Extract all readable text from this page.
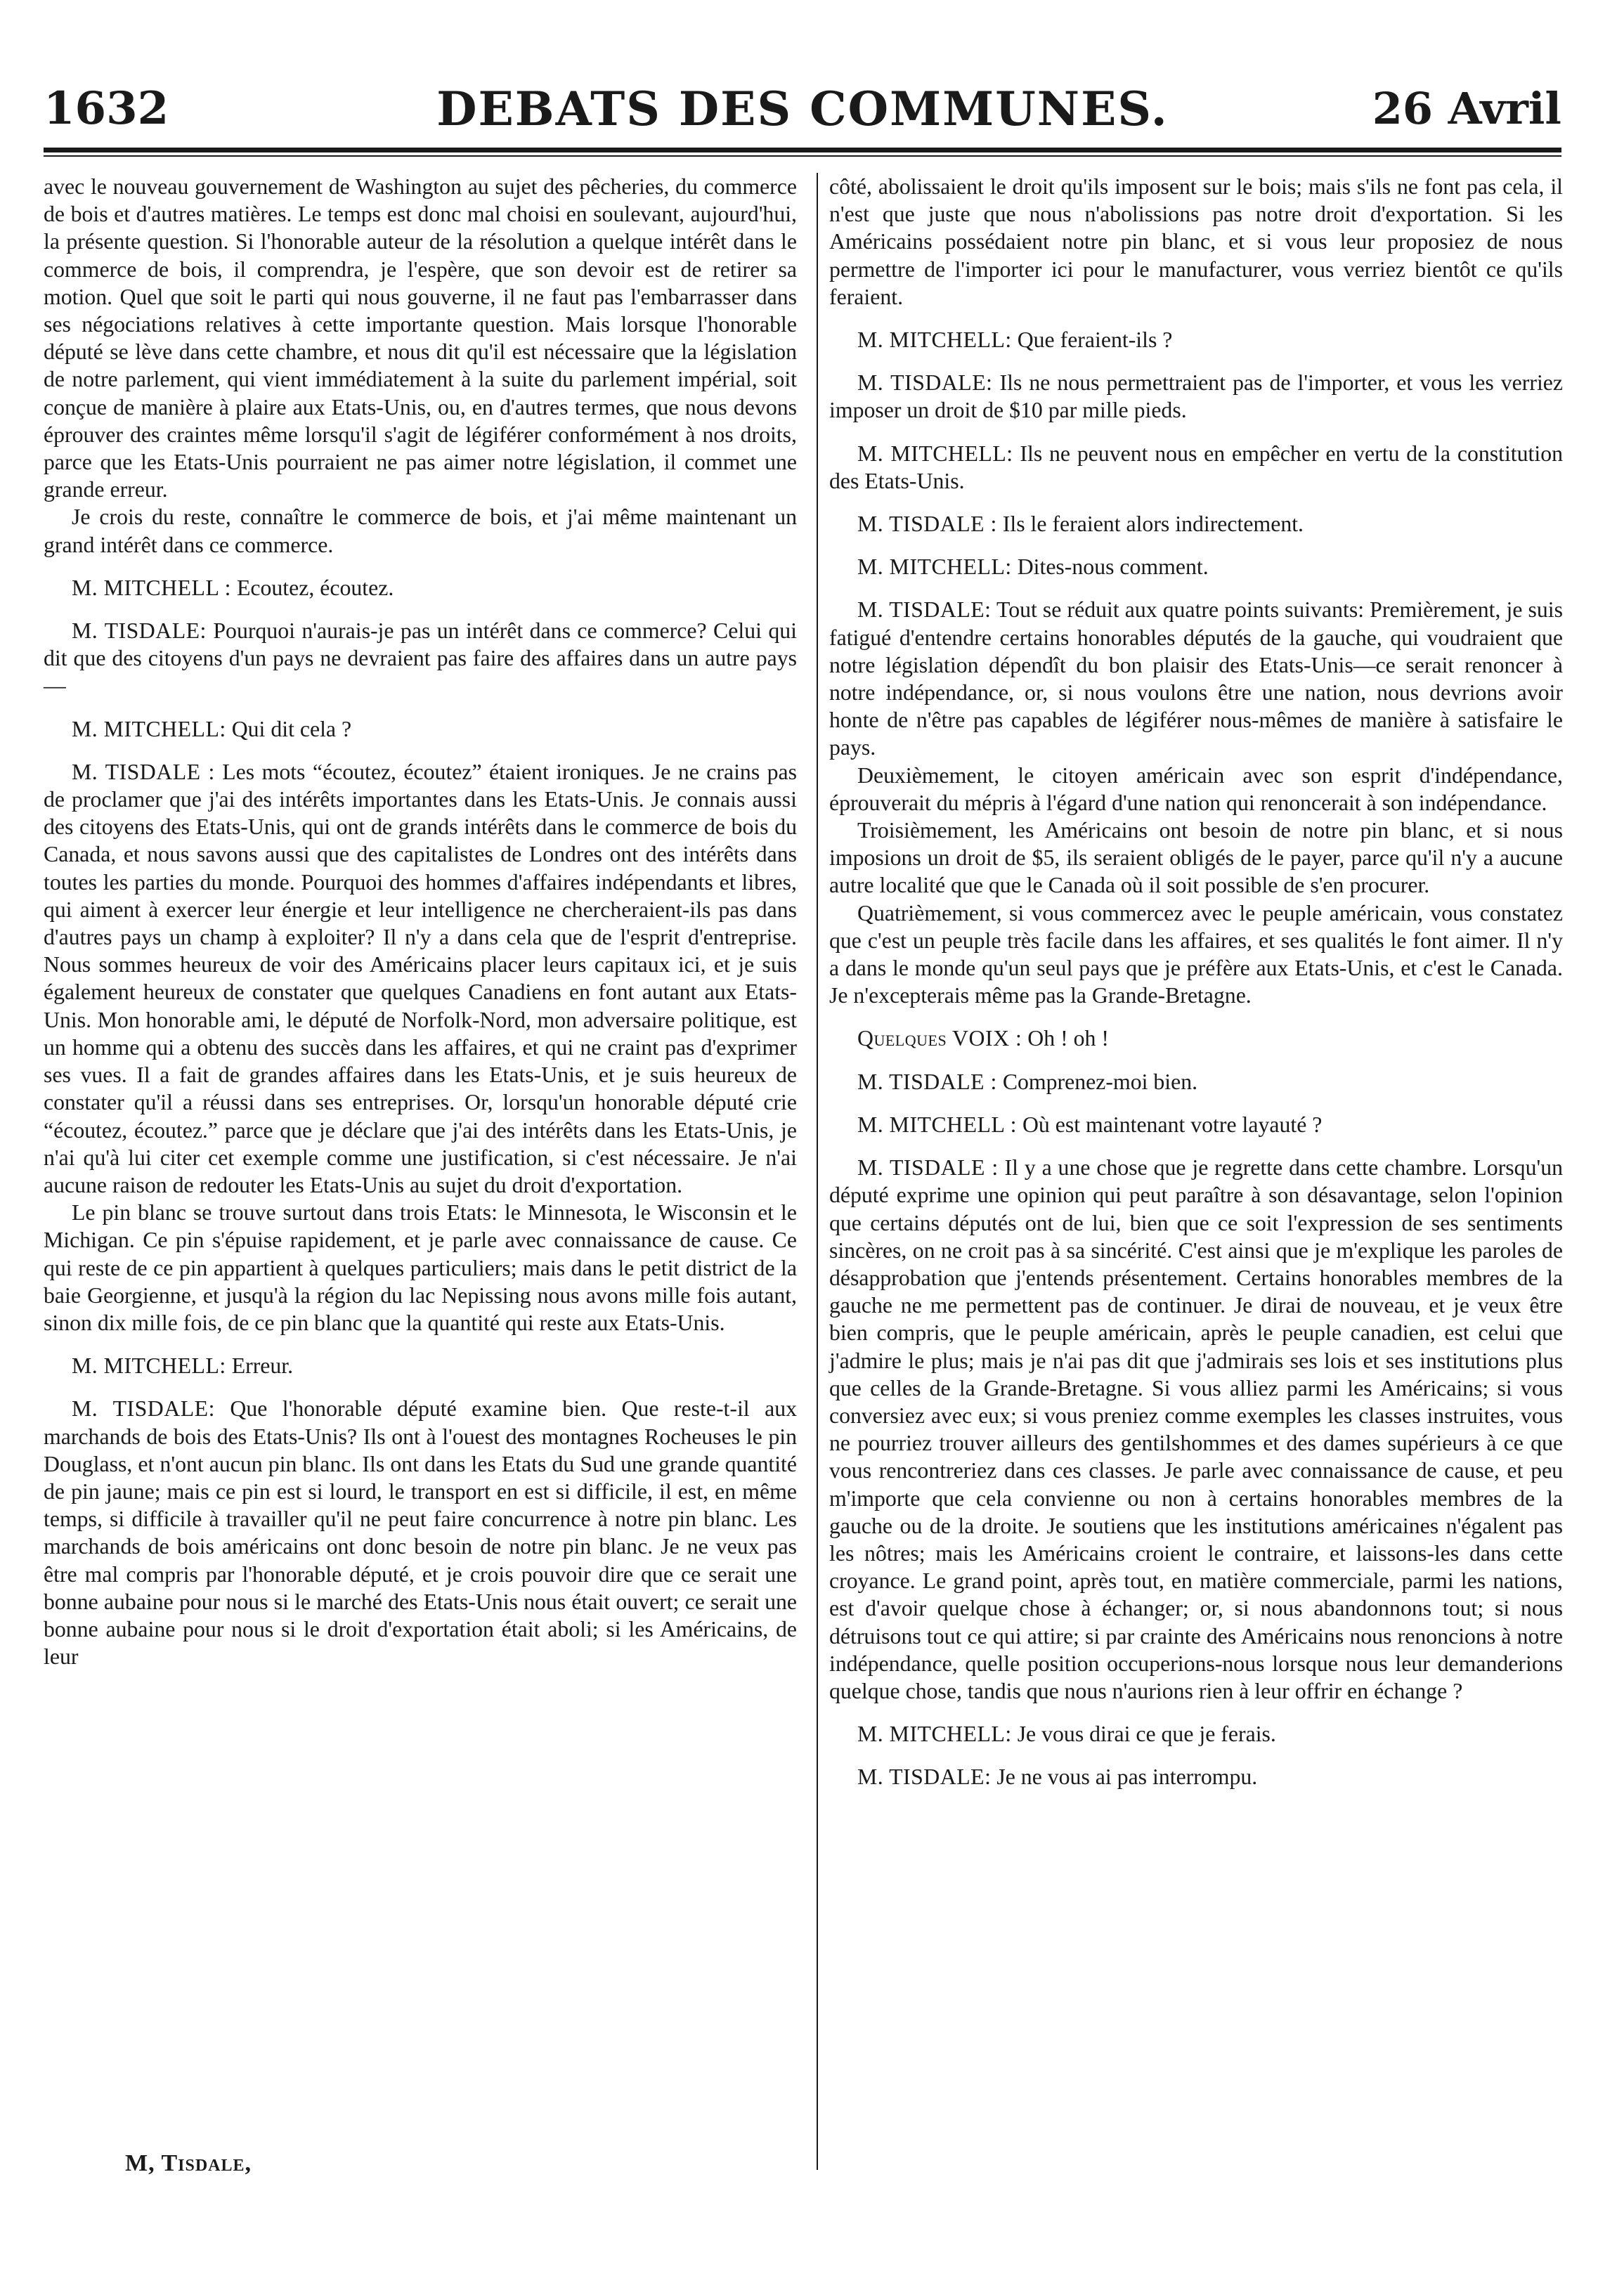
1632	DEBATS DES COMMUNES.	26 Avril

avec le nouveau gouvernement de Washington au sujet des pêcheries, du commerce de bois et d'autres matières. Le temps est donc mal choisi en soulevant, aujourd'hui, la présente question. Si l'honorable auteur de la résolution a quelque intérêt dans le commerce de bois, il comprendra, je l'espère, que son devoir est de retirer sa motion. Quel que soit le parti qui nous gouverne, il ne faut pas l'embarrasser dans ses négociations relatives à cette importante question. Mais lorsque l'honorable député se lève dans cette chambre, et nous dit qu'il est nécessaire que la législation de notre parlement, qui vient immédiatement à la suite du parlement impérial, soit conçue de manière à plaire aux Etats-Unis, ou, en d'autres termes, que nous devons éprouver des craintes même lorsqu'il s'agit de légiférer conformément à nos droits, parce que les Etats-Unis pourraient ne pas aimer notre législation, il commet une grande erreur.

Je crois du reste, connaître le commerce de bois, et j'ai même maintenant un grand intérêt dans ce commerce.

M. MITCHELL : Ecoutez, écoutez.

M. TISDALE: Pourquoi n'aurais-je pas un intérêt dans ce commerce? Celui qui dit que des citoyens d'un pays ne devraient pas faire des affaires dans un autre pays—

M. MITCHELL: Qui dit cela ?

M. TISDALE : Les mots “écoutez, écoutez” étaient ironiques. Je ne crains pas de proclamer que j'ai des intérêts importantes dans les Etats-Unis. Je connais aussi des citoyens des Etats-Unis, qui ont de grands intérêts dans le commerce de bois du Canada, et nous savons aussi que des capitalistes de Londres ont des intérêts dans toutes les parties du monde. Pourquoi des hommes d'affaires indépendants et libres, qui aiment à exercer leur énergie et leur intelligence ne chercheraient-ils pas dans d'autres pays un champ à exploiter? Il n'y a dans cela que de l'esprit d'entreprise. Nous sommes heureux de voir des Américains placer leurs capitaux ici, et je suis également heureux de constater que quelques Canadiens en font autant aux Etats-Unis. Mon honorable ami, le député de Norfolk-Nord, mon adversaire politique, est un homme qui a obtenu des succès dans les affaires, et qui ne craint pas d'exprimer ses vues. Il a fait de grandes affaires dans les Etats-Unis, et je suis heureux de constater qu'il a réussi dans ses entreprises. Or, lorsqu'un honorable député crie “écoutez, écoutez.” parce que je déclare que j'ai des intérêts dans les Etats-Unis, je n'ai qu'à lui citer cet exemple comme une justification, si c'est nécessaire. Je n'ai aucune raison de redouter les Etats-Unis au sujet du droit d'exportation.

Le pin blanc se trouve surtout dans trois Etats: le Minnesota, le Wisconsin et le Michigan. Ce pin s'épuise rapidement, et je parle avec connaissance de cause. Ce qui reste de ce pin appartient à quelques particuliers; mais dans le petit district de la baie Georgienne, et jusqu'à la région du lac Nepissing nous avons mille fois autant, sinon dix mille fois, de ce pin blanc que la quantité qui reste aux Etats-Unis.

M. MITCHELL: Erreur.

M. TISDALE: Que l'honorable député examine bien. Que reste-t-il aux marchands de bois des Etats-Unis? Ils ont à l'ouest des montagnes Rocheuses le pin Douglass, et n'ont aucun pin blanc. Ils ont dans les Etats du Sud une grande quantité de pin jaune; mais ce pin est si lourd, le transport en est si difficile, il est, en même temps, si difficile à travailler qu'il ne peut faire concurrence à notre pin blanc. Les marchands de bois américains ont donc besoin de notre pin blanc. Je ne veux pas être mal compris par l'honorable député, et je crois pouvoir dire que ce serait une bonne aubaine pour nous si le marché des Etats-Unis nous était ouvert; ce serait une bonne aubaine pour nous si le droit d'exportation était aboli; si les Américains, de leur

côté, abolissaient le droit qu'ils imposent sur le bois; mais s'ils ne font pas cela, il n'est que juste que nous n'abolissions pas notre droit d'exportation. Si les Américains possédaient notre pin blanc, et si vous leur proposiez de nous permettre de l'importer ici pour le manufacturer, vous verriez bientôt ce qu'ils feraient.

M. MITCHELL: Que feraient-ils ?

M. TISDALE: Ils ne nous permettraient pas de l'importer, et vous les verriez imposer un droit de $10 par mille pieds.

M. MITCHELL: Ils ne peuvent nous en empêcher en vertu de la constitution des Etats-Unis.

M. TISDALE : Ils le feraient alors indirectement.

M. MITCHELL: Dites-nous comment.

M. TISDALE: Tout se réduit aux quatre points suivants: Premièrement, je suis fatigué d'entendre certains honorables députés de la gauche, qui voudraient que notre législation dépendît du bon plaisir des Etats-Unis—ce serait renoncer à notre indépendance, or, si nous voulons être une nation, nous devrions avoir honte de n'être pas capables de légiférer nous-mêmes de manière à satisfaire le pays.

Deuxièmement, le citoyen américain avec son esprit d'indépendance, éprouverait du mépris à l'égard d'une nation qui renoncerait à son indépendance.

Troisièmement, les Américains ont besoin de notre pin blanc, et si nous imposions un droit de $5, ils seraient obligés de le payer, parce qu'il n'y a aucune autre localité que que le Canada où il soit possible de s'en procurer.

Quatrièmement, si vous commercez avec le peuple américain, vous constatez que c'est un peuple très facile dans les affaires, et ses qualités le font aimer. Il n'y a dans le monde qu'un seul pays que je préfère aux Etats-Unis, et c'est le Canada. Je n'excepterais même pas la Grande-Bretagne.

Quelques VOIX : Oh ! oh !

M. TISDALE : Comprenez-moi bien.

M. MITCHELL : Où est maintenant votre layauté ?

M. TISDALE : Il y a une chose que je regrette dans cette chambre. Lorsqu'un député exprime une opinion qui peut paraître à son désavantage, selon l'opinion que certains députés ont de lui, bien que ce soit l'expression de ses sentiments sincères, on ne croit pas à sa sincérité. C'est ainsi que je m'explique les paroles de désapprobation que j'entends présentement. Certains honorables membres de la gauche ne me permettent pas de continuer. Je dirai de nouveau, et je veux être bien compris, que le peuple américain, après le peuple canadien, est celui que j'admire le plus; mais je n'ai pas dit que j'admirais ses lois et ses institutions plus que celles de la Grande-Bretagne. Si vous alliez parmi les Américains; si vous conversiez avec eux; si vous preniez comme exemples les classes instruites, vous ne pourriez trouver ailleurs des gentilshommes et des dames supérieurs à ce que vous rencontreriez dans ces classes. Je parle avec connaissance de cause, et peu m'importe que cela convienne ou non à certains honorables membres de la gauche ou de la droite. Je soutiens que les institutions américaines n'égalent pas les nôtres; mais les Américains croient le contraire, et laissons-les dans cette croyance. Le grand point, après tout, en matière commerciale, parmi les nations, est d'avoir quelque chose à échanger; or, si nous abandonnons tout; si nous détruisons tout ce qui attire; si par crainte des Américains nous renoncions à notre indépendance, quelle position occuperions-nous lorsque nous leur demanderions quelque chose, tandis que nous n'aurions rien à leur offrir en échange ?

M. MITCHELL: Je vous dirai ce que je ferais.

M. TISDALE: Je ne vous ai pas interrompu.

M, Tisdale,
